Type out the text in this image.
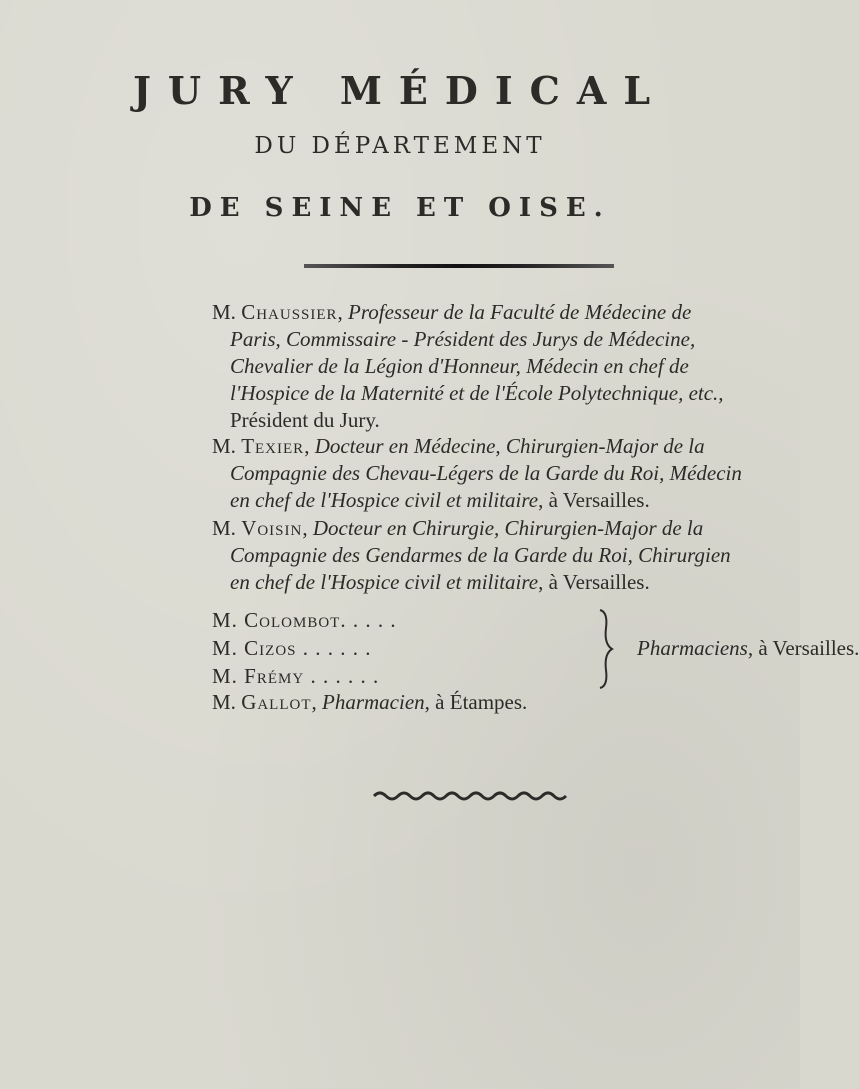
JURY MÉDICAL
DU DÉPARTEMENT
DE SEINE ET OISE.
M. Chaussier, Professeur de la Faculté de Médecine de
Paris, Commissaire - Président des Jurys de Médecine,
Chevalier de la Légion d'Honneur, Médecin en chef de
l'Hospice de la Maternité et de l'École Polytechnique, etc.,
Président du Jury.
M. Texier, Docteur en Médecine, Chirurgien-Major de la
Compagnie des Chevau-Légers de la Garde du Roi, Médecin
en chef de l'Hospice civil et militaire, à Versailles.
M. Voisin, Docteur en Chirurgie, Chirurgien-Major de la
Compagnie des Gendarmes de la Garde du Roi, Chirurgien
en chef de l'Hospice civil et militaire, à Versailles.
M. Colombot. . . . .
M. Cizos . . . . . .
M. Frémy . . . . . .
Pharmaciens, à Versailles.
M. Gallot, Pharmacien, à Étampes.
